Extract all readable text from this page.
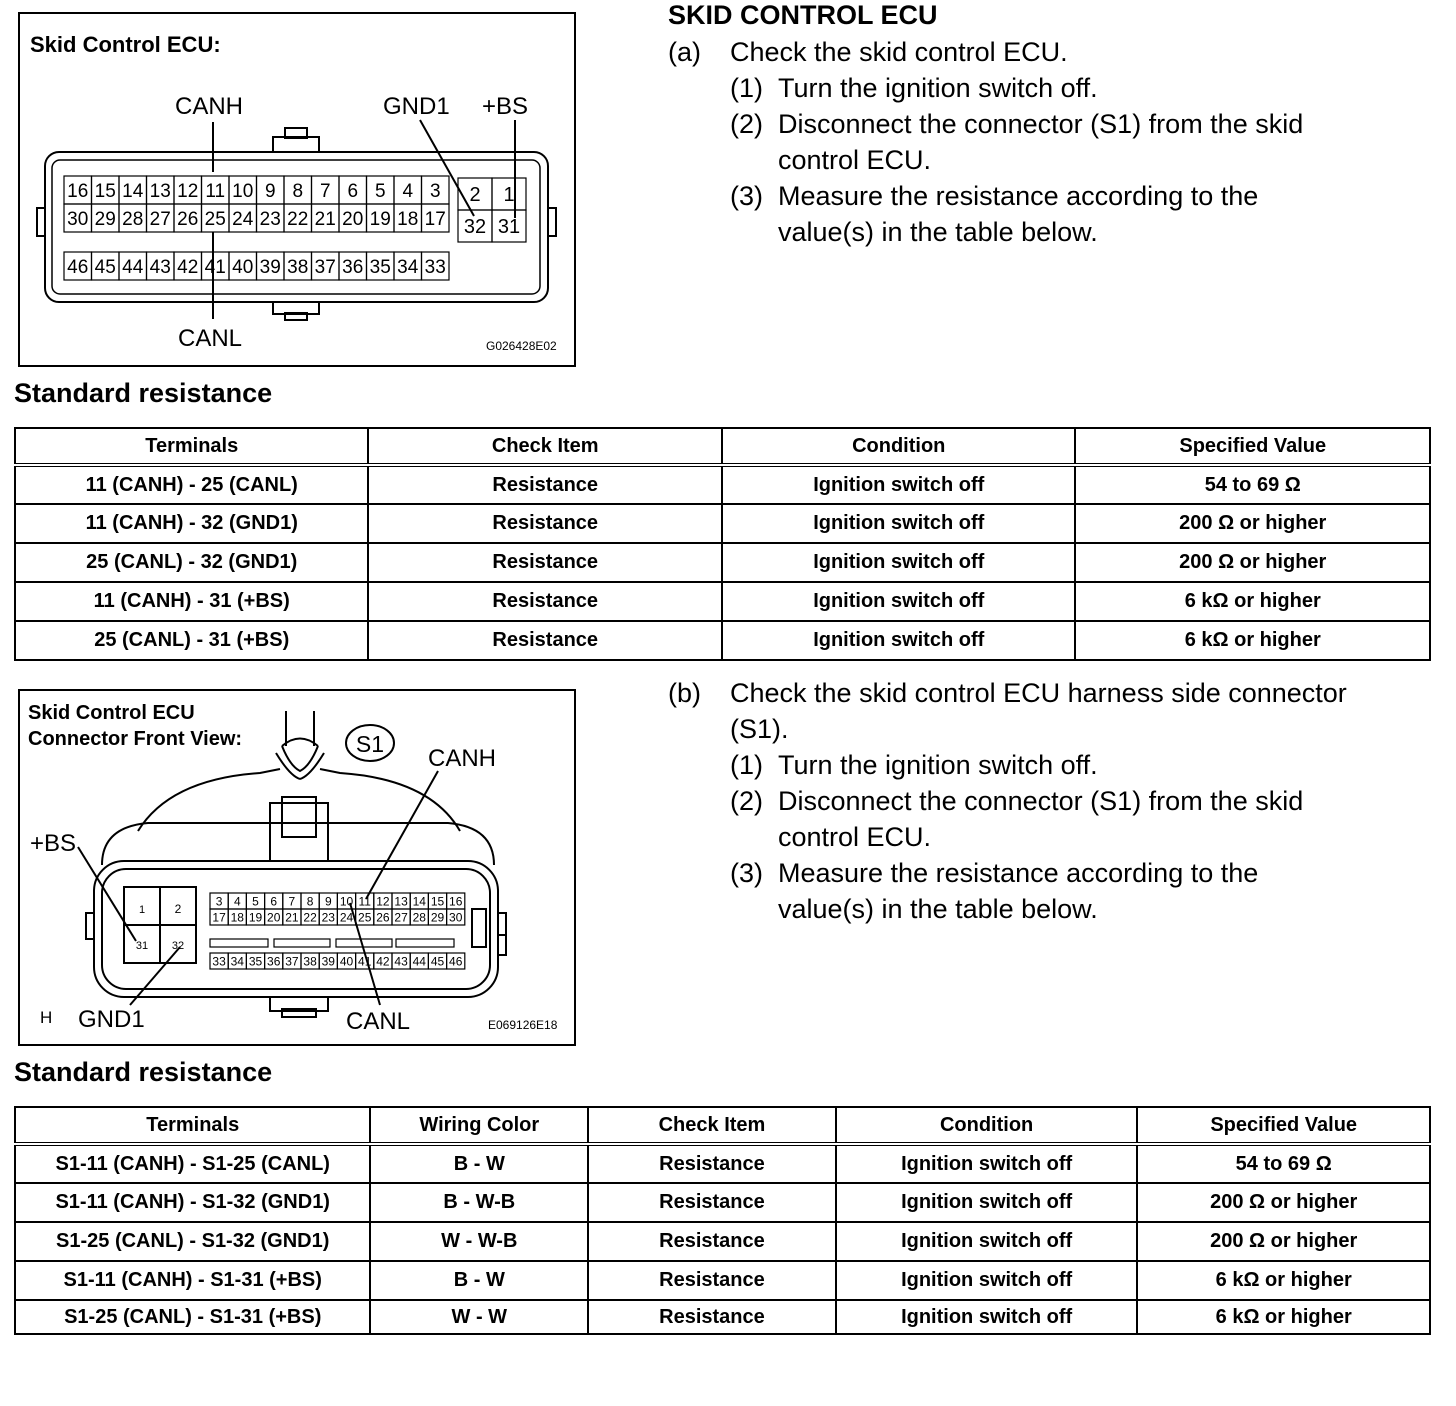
Skid Control ECU:
CANH	GND1 +BS
CANL	G026428E02
16 15 14 13 12 11 10 9 8 7 6 5 4 3
30 29 28 27 26 25 24 23 22 21 20 19 18 17
46 45 44 43 42 41 40 39 38 37 36 35 34 33
2 1
32 31
SKID CONTROL ECU
(a) Check the skid control ECU.
(1) Turn the ignition switch off.
(2) Disconnect the connector (S1) from the skid
control ECU.
(3) Measure the resistance according to the
value(s) in the table below.
Standard resistance
Terminals	Check Item	Condition	Specified Value
11 (CANH) - 25 (CANL)	Resistance	Ignition switch off	54 to 69 Ω
11 (CANH) - 32 (GND1)	Resistance	Ignition switch off	200 Ω or higher
25 (CANL) - 32 (GND1)	Resistance	Ignition switch off	200 Ω or higher
11 (CANH) - 31 (+BS)	Resistance	Ignition switch off	6 kΩ or higher
25 (CANL) - 31 (+BS)	Resistance	Ignition switch off	6 kΩ or higher
Skid Control ECU
Connector Front View:	S1
CANH
+BS
GND1	CANL
H	E069126E18
3 4 5 6 7 8 9 10 11 12 13 14 15 16
17 18 19 20 21 22 23 24 25 26 27 28 29 30
33 34 35 36 37 38 39 40 41 42 43 44 45 46
1 2
31 32
(b) Check the skid control ECU harness side connector
(S1).
(1) Turn the ignition switch off.
(2) Disconnect the connector (S1) from the skid
control ECU.
(3) Measure the resistance according to the
value(s) in the table below.
Standard resistance
Terminals	Wiring Color	Check Item	Condition	Specified Value
S1-11 (CANH) - S1-25 (CANL)	B - W	Resistance	Ignition switch off	54 to 69 Ω
S1-11 (CANH) - S1-32 (GND1)	B - W-B	Resistance	Ignition switch off	200 Ω or higher
S1-25 (CANL) - S1-32 (GND1)	W - W-B	Resistance	Ignition switch off	200 Ω or higher
S1-11 (CANH) - S1-31 (+BS)	B - W	Resistance	Ignition switch off	6 kΩ or higher
S1-25 (CANL) - S1-31 (+BS)	W - W	Resistance	Ignition switch off	6 kΩ or higher
